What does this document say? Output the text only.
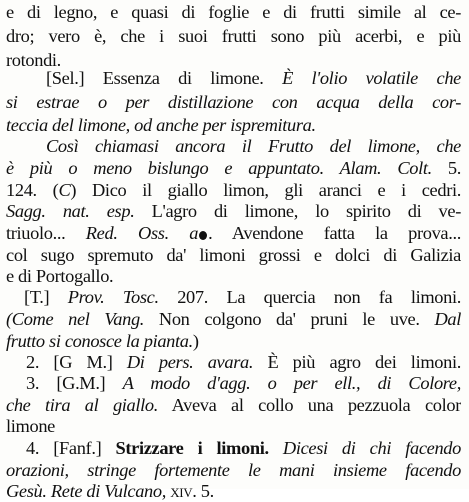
e di legno, e quasi di foglie e di frutti simile al ce-
dro; vero è, che i suoi frutti sono più acerbi, e più
rotondi.
[Sel.] Essenza di limone. È l'olio volatile che
si estrae o per distillazione con acqua della cor-
teccia del limone, od anche per ispremitura.
Così chiamasi ancora il Frutto del limone, che
è più o meno bislungo e appuntato. Alam. Colt. 5.
124. (C) Dico il giallo limon, gli aranci e i cedri.
Sagg. nat. esp. L'agro di limone, lo spirito di ve-
triuolo... Red. Oss. a . Avendone fatta la prova...
col sugo spremuto da' limoni grossi e dolci di Galizia
e di Portogallo.
[T.] Prov. Tosc. 207. La quercia non fa limoni.
(Come nel Vang. Non colgono da' pruni le uve. Dal
frutto si conosce la pianta.)
2. [G M.] Di pers. avara. È più agro dei limoni.
3. [G.M.] A modo d'agg. o per ell., di Colore,
che tira al giallo. Aveva al collo una pezzuola color
limone
4. [Fanf.] Strizzare i limoni. Dicesi di chi facendo
orazioni, stringe fortemente le mani insieme facendo
Gesù. Rete di Vulcano, xiv. 5.
